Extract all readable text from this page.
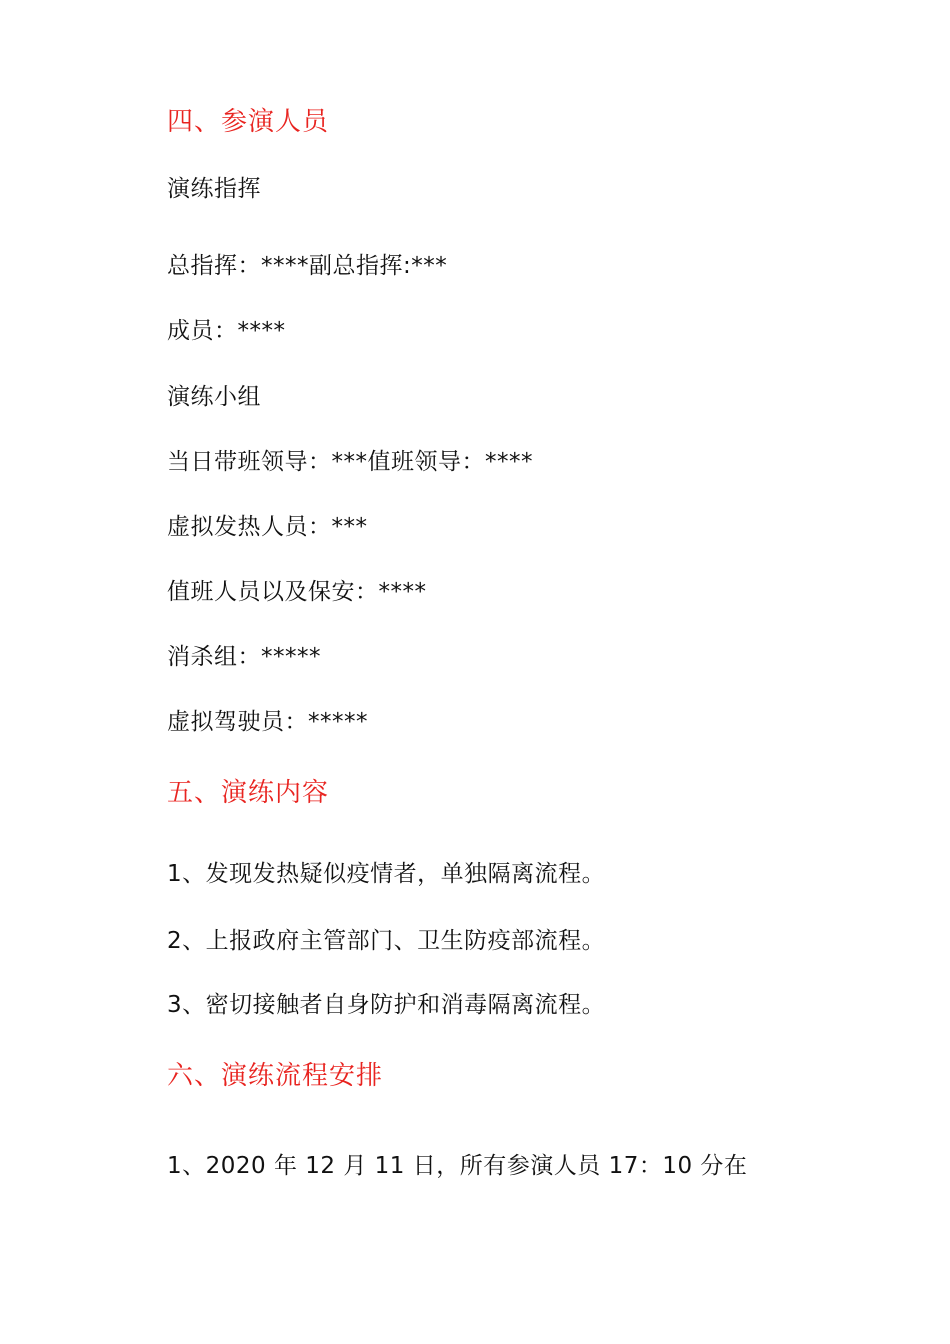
四、参演人员
演练指挥
总指挥：****副总指挥:***
成员：****
演练小组
当日带班领导：***值班领导：****
虚拟发热人员：***
值班人员以及保安：****
消杀组：*****
虚拟驾驶员：*****
五、演练内容
1、发现发热疑似疫情者，单独隔离流程。
2、上报政府主管部门、卫生防疫部流程。
3、密切接触者自身防护和消毒隔离流程。
六、演练流程安排
1、2020 年 12 月 11 日，所有参演人员 17：10 分在
